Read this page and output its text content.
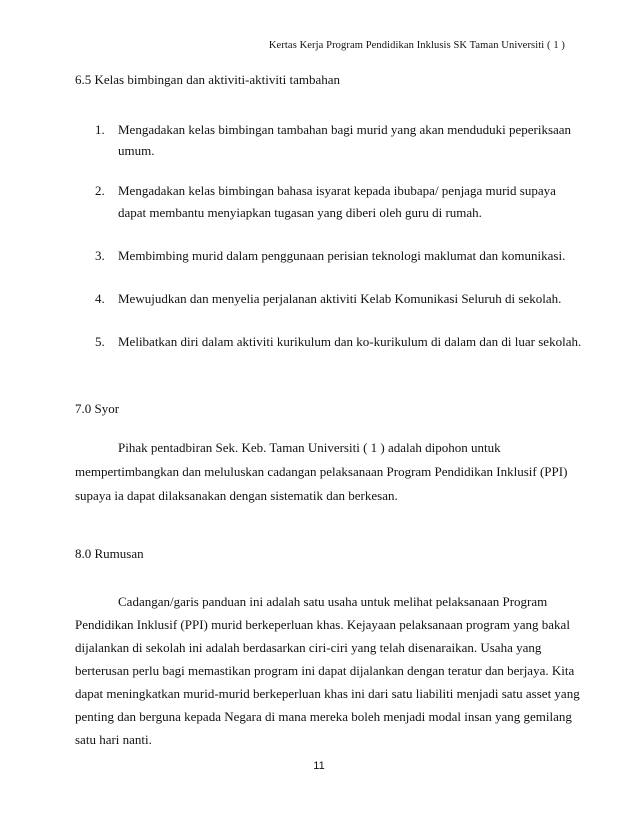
Kertas Kerja Program Pendidikan Inklusis SK Taman Universiti ( 1 )
6.5 Kelas bimbingan dan aktiviti-aktiviti tambahan
1. Mengadakan kelas bimbingan tambahan bagi murid yang akan menduduki peperiksaan
umum.
2. Mengadakan kelas bimbingan bahasa isyarat kepada ibubapa/ penjaga murid supaya
dapat membantu menyiapkan tugasan yang diberi oleh guru di rumah.
3. Membimbing murid dalam penggunaan perisian teknologi maklumat dan komunikasi.
4. Mewujudkan dan menyelia perjalanan aktiviti Kelab Komunikasi Seluruh di sekolah.
5. Melibatkan diri dalam aktiviti kurikulum dan ko-kurikulum di dalam dan di luar sekolah.
7.0 Syor
Pihak pentadbiran Sek. Keb. Taman Universiti ( 1 ) adalah dipohon untuk
mempertimbangkan dan meluluskan cadangan pelaksanaan Program Pendidikan Inklusif (PPI)
supaya ia dapat dilaksanakan dengan sistematik dan berkesan.
8.0 Rumusan
Cadangan/garis panduan ini adalah satu usaha untuk melihat pelaksanaan Program
Pendidikan Inklusif (PPI) murid berkeperluan khas. Kejayaan pelaksanaan program yang bakal
dijalankan di sekolah ini adalah berdasarkan ciri-ciri yang telah disenaraikan. Usaha yang
berterusan perlu bagi memastikan program ini dapat dijalankan dengan teratur dan berjaya. Kita
dapat meningkatkan murid-murid berkeperluan khas ini dari satu liabiliti menjadi satu asset yang
penting dan berguna kepada Negara di mana mereka boleh menjadi modal insan yang gemilang
satu hari nanti.
11
